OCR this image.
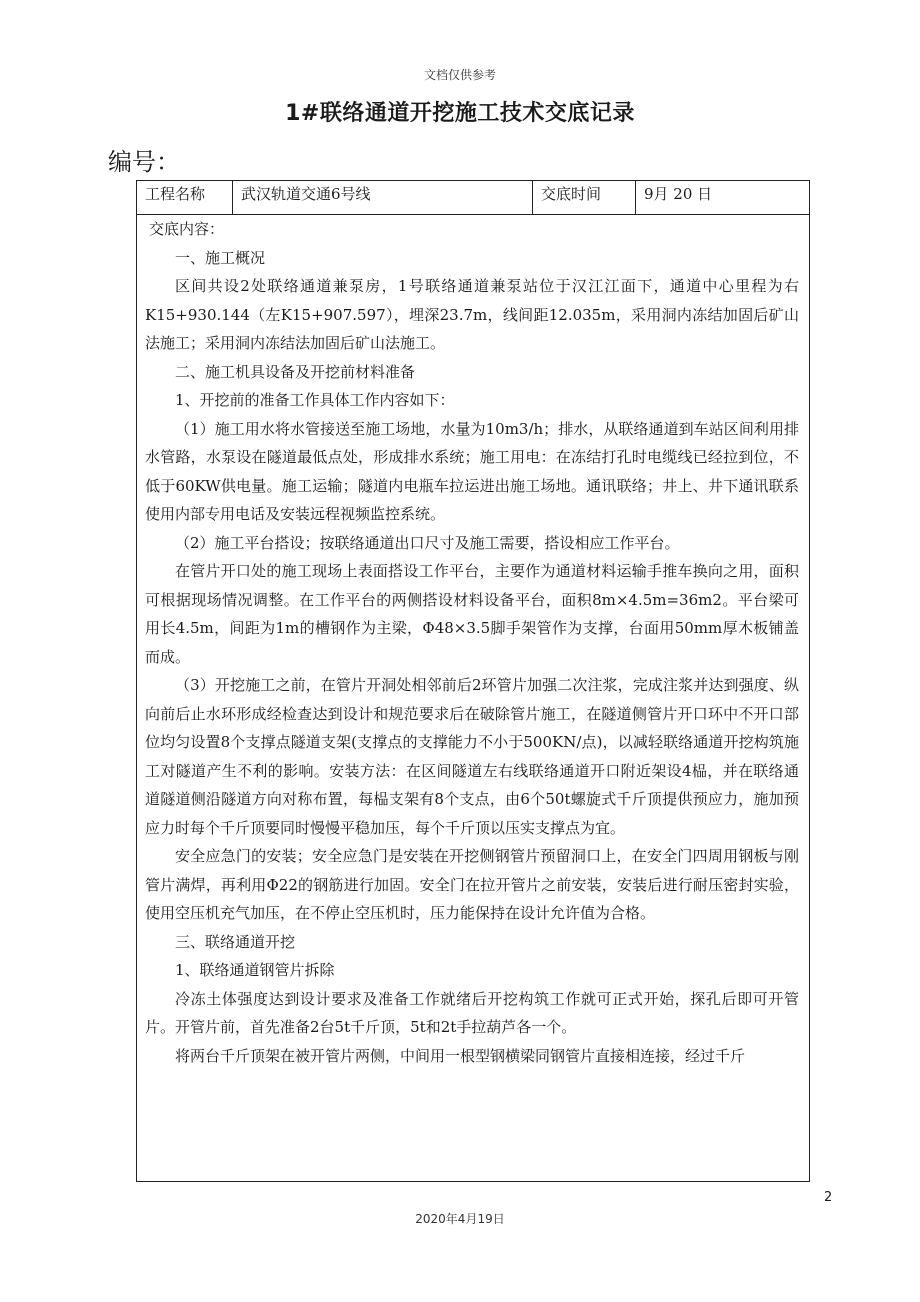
文档仅供参考
1#联络通道开挖施工技术交底记录
编号：
工程名称	武汉轨道交通6号线	交底时间	9月 20 日

交底内容：

一、施工概况

区间共设2处联络通道兼泵房，1号联络通道兼泵站位于汉江江面下，通道中心里程为右K15+930.144（左K15+907.597），埋深23.7m，线间距12.035m，采用洞内冻结加固后矿山法施工；采用洞内冻结法加固后矿山法施工。

二、施工机具设备及开挖前材料准备

1、开挖前的准备工作具体工作内容如下：

（1）施工用水将水管接送至施工场地，水量为10m3/h；排水，从联络通道到车站区间利用排水管路，水泵设在隧道最低点处，形成排水系统；施工用电：在冻结打孔时电缆线已经拉到位，不低于60KW供电量。施工运输；隧道内电瓶车拉运进出施工场地。通讯联络；井上、井下通讯联系使用内部专用电话及安装远程视频监控系统。

（2）施工平台搭设；按联络通道出口尺寸及施工需要，搭设相应工作平台。

在管片开口处的施工现场上表面搭设工作平台，主要作为通道材料运输手推车换向之用，面积可根据现场情况调整。在工作平台的两侧搭设材料设备平台，面积8m×4.5m=36m2。平台梁可用长4.5m，间距为1m的槽钢作为主梁，Φ48×3.5脚手架管作为支撑，台面用50mm厚木板铺盖而成。

（3）开挖施工之前，在管片开洞处相邻前后2环管片加强二次注浆，完成注浆并达到强度、纵向前后止水环形成经检查达到设计和规范要求后在破除管片施工，在隧道侧管片开口环中不开口部位均匀设置8个支撑点隧道支架(支撑点的支撑能力不小于500KN/点)，以减轻联络通道开挖构筑施工对隧道产生不利的影响。安装方法：在区间隧道左右线联络通道开口附近架设4榀，并在联络通道隧道侧沿隧道方向对称布置，每榀支架有8个支点，由6个50t螺旋式千斤顶提供预应力，施加预应力时每个千斤顶要同时慢慢平稳加压，每个千斤顶以压实支撑点为宜。

安全应急门的安装；安全应急门是安装在开挖侧钢管片预留洞口上，在安全门四周用钢板与刚管片满焊，再利用Φ22的钢筋进行加固。安全门在拉开管片之前安装，安装后进行耐压密封实验，使用空压机充气加压，在不停止空压机时，压力能保持在设计允许值为合格。

三、联络通道开挖

1、联络通道钢管片拆除

冷冻土体强度达到设计要求及准备工作就绪后开挖构筑工作就可正式开始，探孔后即可开管片。开管片前，首先准备2台5t千斤顶，5t和2t手拉葫芦各一个。

将两台千斤顶架在被开管片两侧，中间用一根型钢横梁同钢管片直接相连接，经过千斤

2
2020年4月19日
